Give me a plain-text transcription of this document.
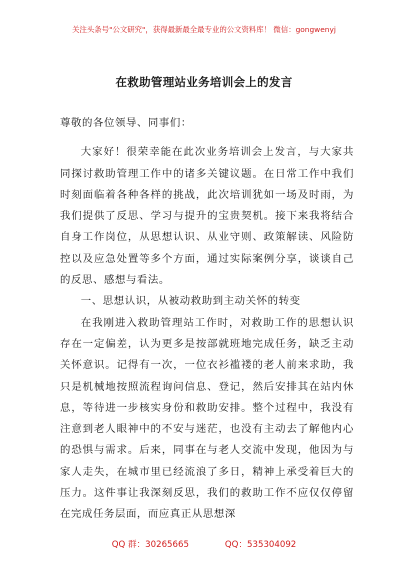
关注头条号"公文研究"，获得最新最全最专业的公文资料库！ 微信：gongwenyj
在救助管理站业务培训会上的发言

尊敬的各位领导、同事们：

大家好！很荣幸能在此次业务培训会上发言，与大家共同探讨救助管理工作中的诸多关键议题。在日常工作中我们时刻面临着各种各样的挑战，此次培训犹如一场及时雨，为我们提供了反思、学习与提升的宝贵契机。接下来我将结合自身工作岗位，从思想认识、从业守则、政策解读、风险防控以及应急处置等多个方面，通过实际案例分享，谈谈自己的反思、感想与看法。

一、思想认识，从被动救助到主动关怀的转变

在我刚进入救助管理站工作时，对救助工作的思想认识存在一定偏差，认为更多是按部就班地完成任务，缺乏主动关怀意识。记得有一次，一位衣衫褴褛的老人前来求助，我只是机械地按照流程询问信息、登记，然后安排其在站内休息，等待进一步核实身份和救助安排。整个过程中，我没有注意到老人眼神中的不安与迷茫，也没有主动去了解他内心的恐惧与需求。后来，同事在与老人交流中发现，他因为与家人走失，在城市里已经流浪了多日，精神上承受着巨大的压力。这件事让我深刻反思，我们的救助工作不应仅仅停留在完成任务层面，而应真正从思想深

QQ 群：30265665	QQ：535304092
